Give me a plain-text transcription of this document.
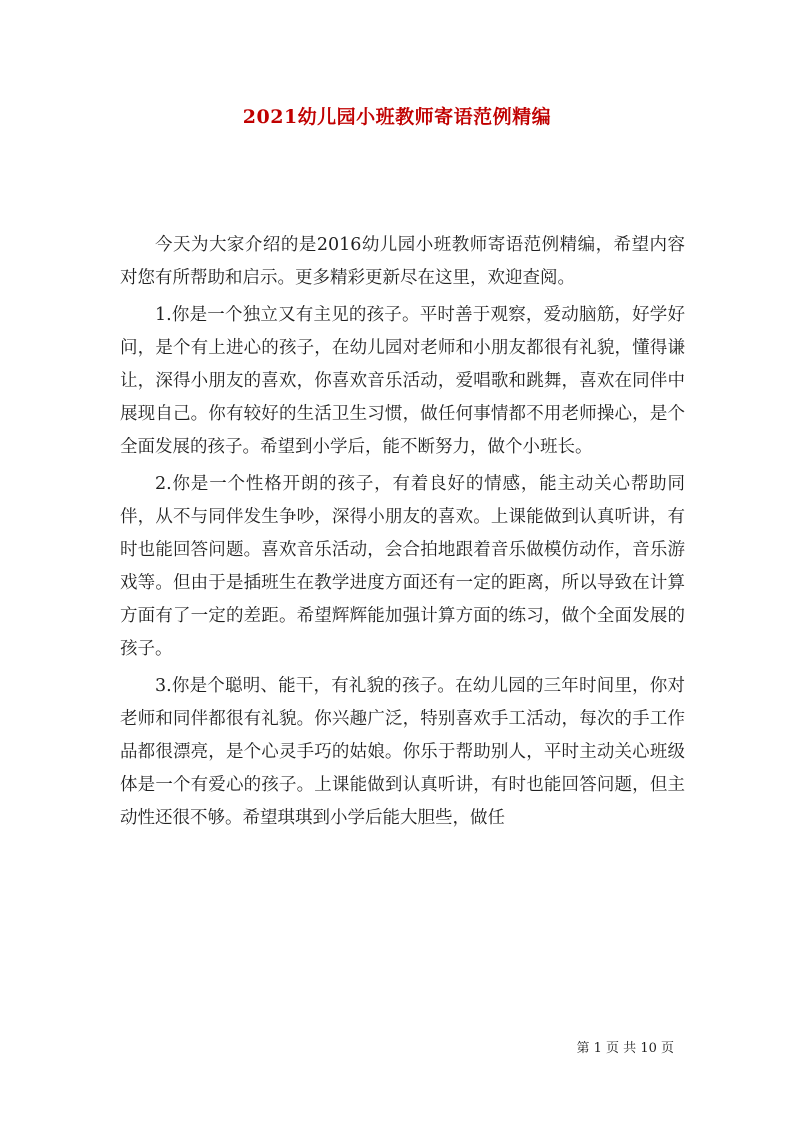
2021幼儿园小班教师寄语范例精编

今天为大家介绍的是2016幼儿园小班教师寄语范例精编，希望内容对您有所帮助和启示。更多精彩更新尽在这里，欢迎查阅。

1.你是一个独立又有主见的孩子。平时善于观察，爱动脑筋，好学好问，是个有上进心的孩子，在幼儿园对老师和小朋友都很有礼貌，懂得谦让，深得小朋友的喜欢，你喜欢音乐活动，爱唱歌和跳舞，喜欢在同伴中展现自己。你有较好的生活卫生习惯，做任何事情都不用老师操心，是个全面发展的孩子。希望到小学后，能不断努力，做个小班长。

2.你是一个性格开朗的孩子，有着良好的情感，能主动关心帮助同伴，从不与同伴发生争吵，深得小朋友的喜欢。上课能做到认真听讲，有时也能回答问题。喜欢音乐活动，会合拍地跟着音乐做模仿动作，音乐游戏等。但由于是插班生在教学进度方面还有一定的距离，所以导致在计算方面有了一定的差距。希望辉辉能加强计算方面的练习，做个全面发展的孩子。

3.你是个聪明、能干，有礼貌的孩子。在幼儿园的三年时间里，你对老师和同伴都很有礼貌。你兴趣广泛，特别喜欢手工活动，每次的手工作品都很漂亮，是个心灵手巧的姑娘。你乐于帮助别人，平时主动关心班级体是一个有爱心的孩子。上课能做到认真听讲，有时也能回答问题，但主动性还很不够。希望琪琪到小学后能大胆些，做任

第 1 页 共 10 页
